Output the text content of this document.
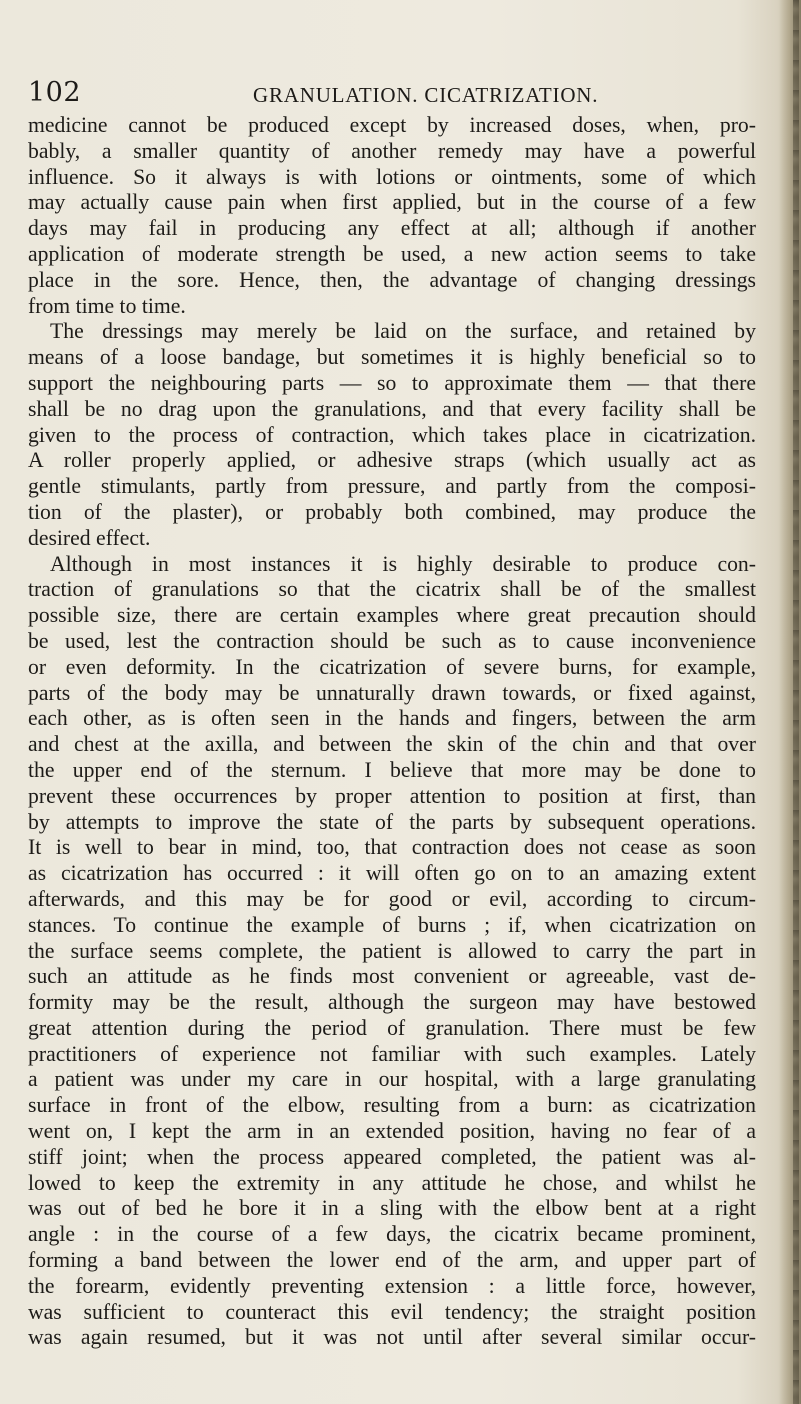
102	GRANULATION. CICATRIZATION.
medicine cannot be produced except by increased doses, when, pro-
bably, a smaller quantity of another remedy may have a powerful
influence. So it always is with lotions or ointments, some of which
may actually cause pain when first applied, but in the course of a few
days may fail in producing any effect at all; although if another
application of moderate strength be used, a new action seems to take
place in the sore. Hence, then, the advantage of changing dressings
from time to time.
The dressings may merely be laid on the surface, and retained by
means of a loose bandage, but sometimes it is highly beneficial so to
support the neighbouring parts — so to approximate them — that there
shall be no drag upon the granulations, and that every facility shall be
given to the process of contraction, which takes place in cicatrization.
A roller properly applied, or adhesive straps (which usually act as
gentle stimulants, partly from pressure, and partly from the composi-
tion of the plaster), or probably both combined, may produce the
desired effect.
Although in most instances it is highly desirable to produce con-
traction of granulations so that the cicatrix shall be of the smallest
possible size, there are certain examples where great precaution should
be used, lest the contraction should be such as to cause inconvenience
or even deformity. In the cicatrization of severe burns, for example,
parts of the body may be unnaturally drawn towards, or fixed against,
each other, as is often seen in the hands and fingers, between the arm
and chest at the axilla, and between the skin of the chin and that over
the upper end of the sternum. I believe that more may be done to
prevent these occurrences by proper attention to position at first, than
by attempts to improve the state of the parts by subsequent operations.
It is well to bear in mind, too, that contraction does not cease as soon
as cicatrization has occurred : it will often go on to an amazing extent
afterwards, and this may be for good or evil, according to circum-
stances. To continue the example of burns ; if, when cicatrization on
the surface seems complete, the patient is allowed to carry the part in
such an attitude as he finds most convenient or agreeable, vast de-
formity may be the result, although the surgeon may have bestowed
great attention during the period of granulation. There must be few
practitioners of experience not familiar with such examples. Lately
a patient was under my care in our hospital, with a large granulating
surface in front of the elbow, resulting from a burn: as cicatrization
went on, I kept the arm in an extended position, having no fear of a
stiff joint; when the process appeared completed, the patient was al-
lowed to keep the extremity in any attitude he chose, and whilst he
was out of bed he bore it in a sling with the elbow bent at a right
angle : in the course of a few days, the cicatrix became prominent,
forming a band between the lower end of the arm, and upper part of
the forearm, evidently preventing extension : a little force, however,
was sufficient to counteract this evil tendency; the straight position
was again resumed, but it was not until after several similar occur-
